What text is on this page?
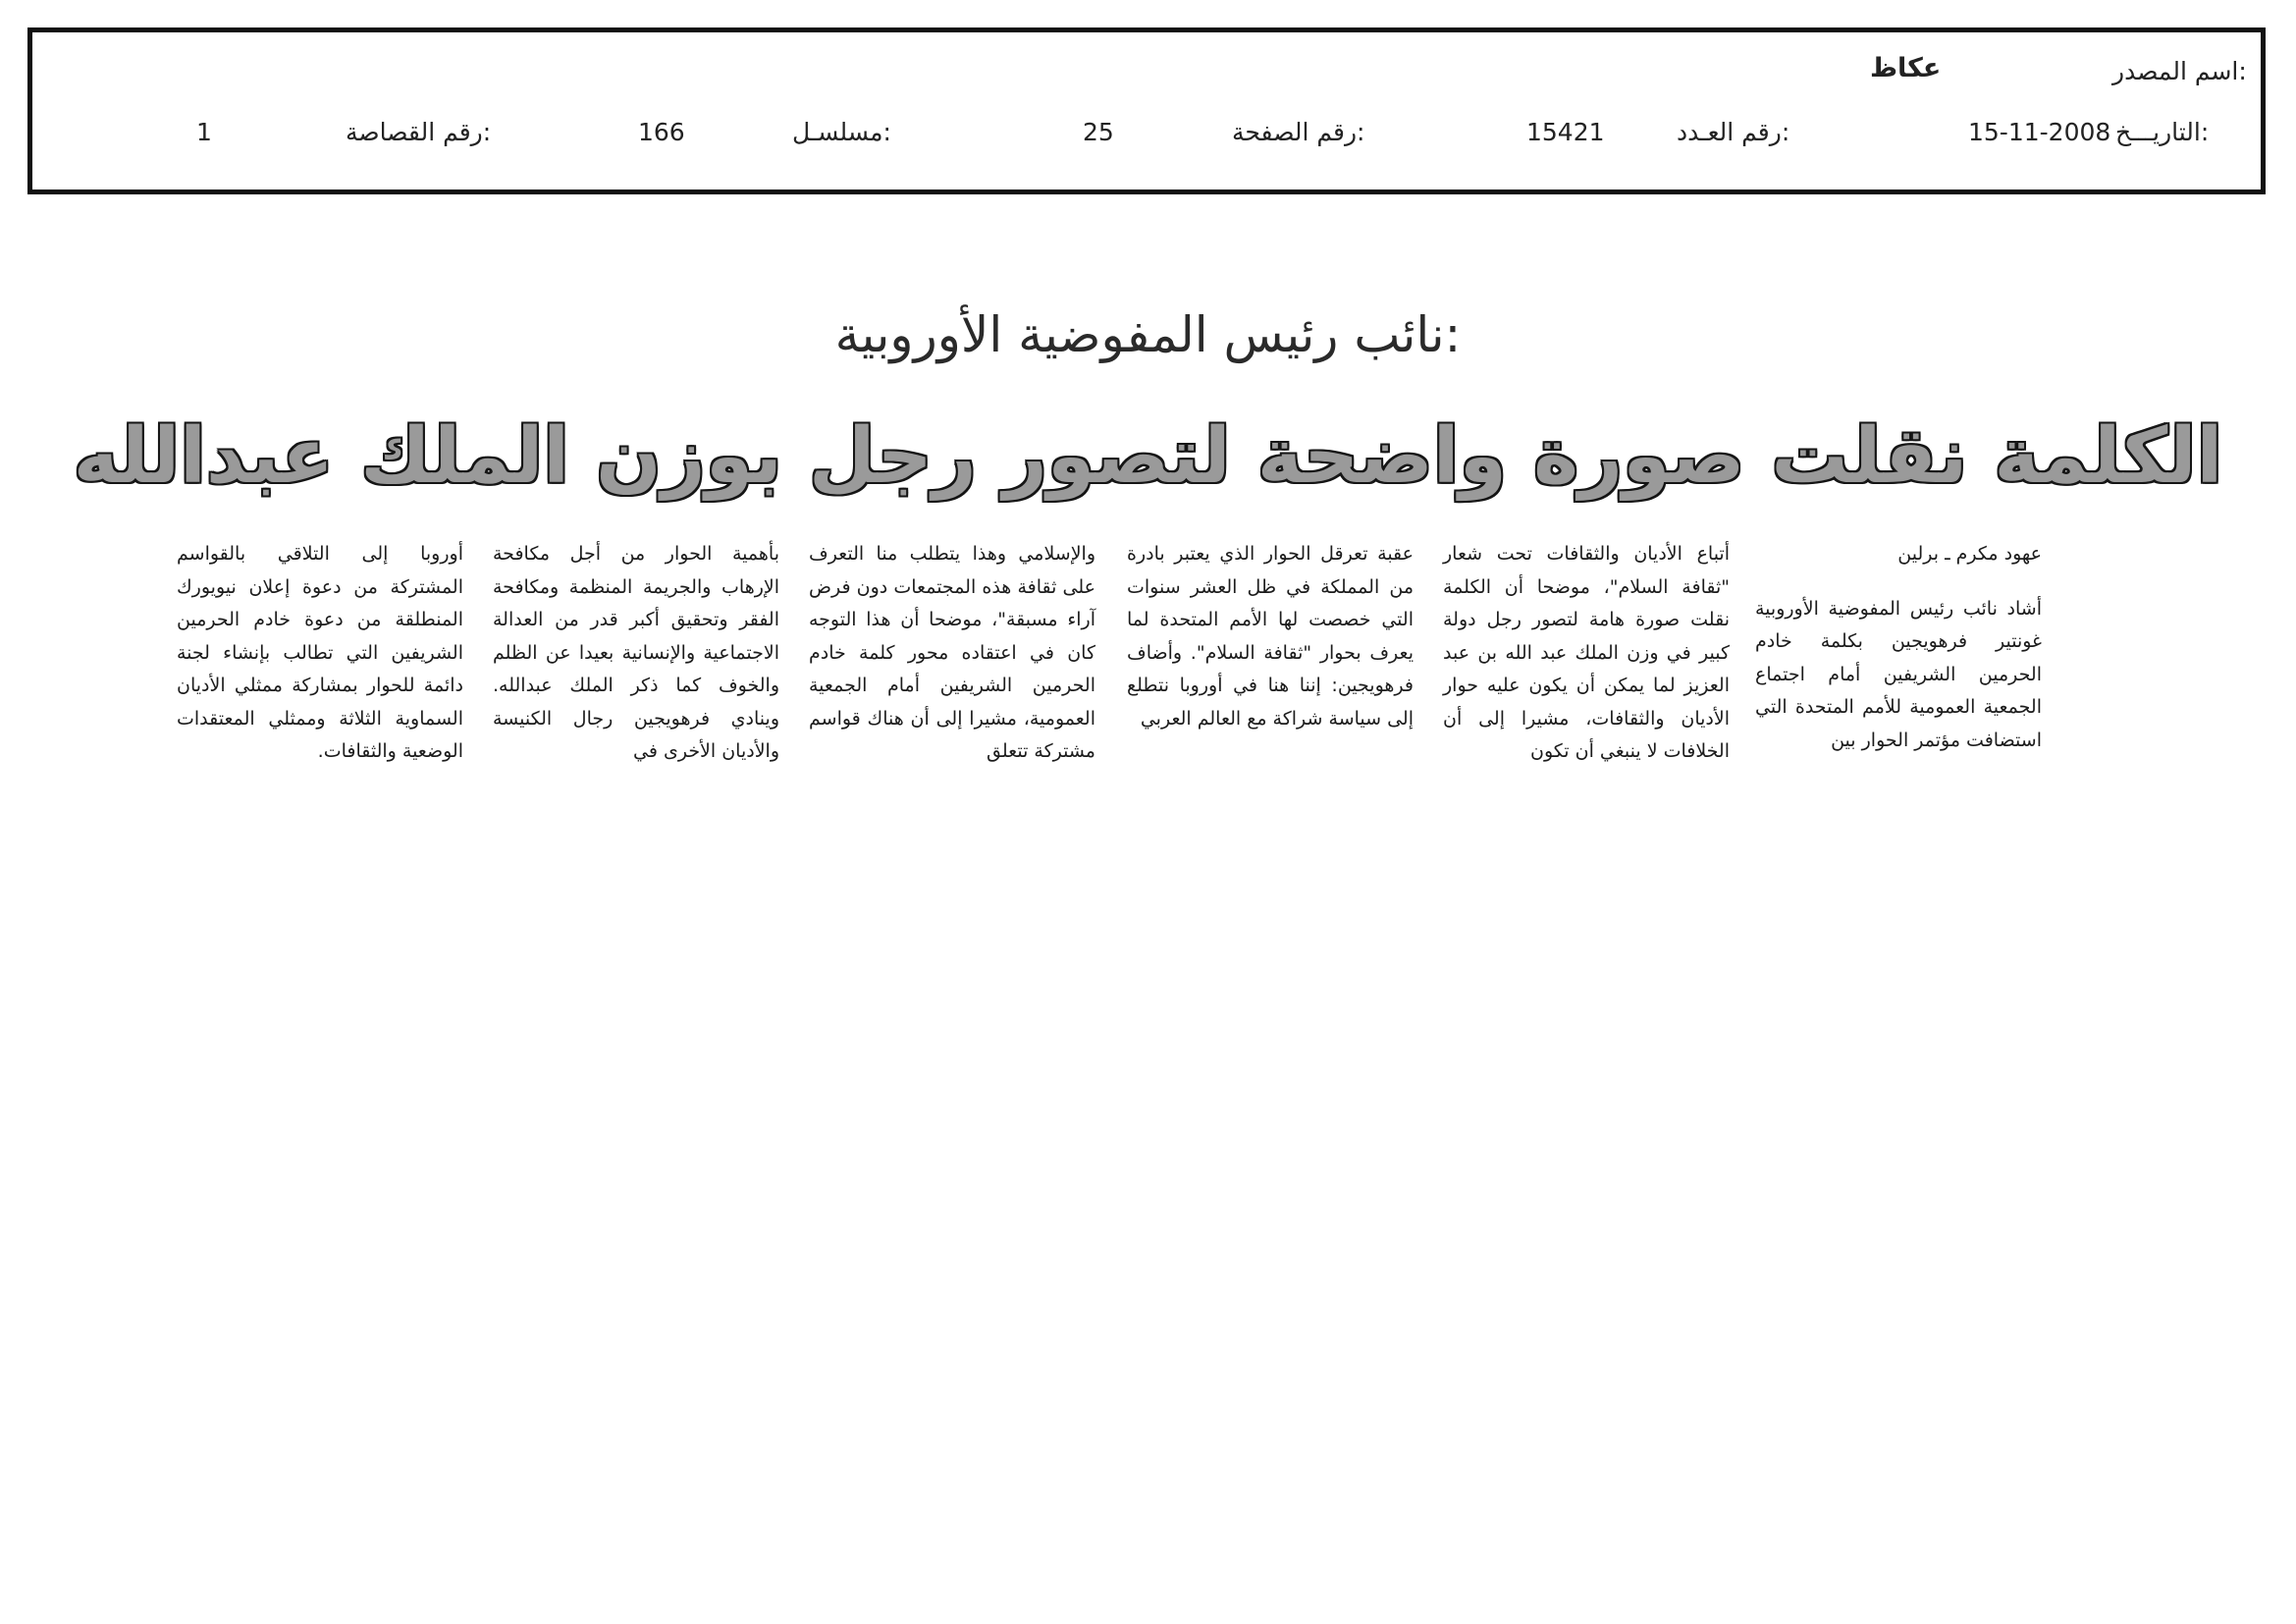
اسم المصدر:
عكاظ
التاريـــخ:
15-11-2008
رقم العـدد:
15421
رقم الصفحة:
25
مسلسـل:
166
رقم القصاصة:
1
نائب رئيس المفوضية الأوروبية:
الكلمة نقلت صورة واضحة لتصور رجل بوزن الملك عبدالله

عهود مكرم ـ برلين

أشاد نائب رئيس المفوضية الأوروبية غونتير فرهويجين بكلمة خادم الحرمين الشريفين أمام اجتماع الجمعية العمومية للأمم المتحدة التي استضافت مؤتمر الحوار بين

أتباع الأديان والثقافات تحت شعار "ثقافة السلام"، موضحا أن الكلمة نقلت صورة هامة لتصور رجل دولة كبير في وزن الملك عبد الله بن عبد العزيز لما يمكن أن يكون عليه حوار الأديان والثقافات، مشيرا إلى أن الخلافات لا ينبغي أن تكون

عقبة تعرقل الحوار الذي يعتبر بادرة من المملكة في ظل العشر سنوات التي خصصت لها الأمم المتحدة لما يعرف بحوار "ثقافة السلام". وأضاف فرهويجين: إننا هنا في أوروبا نتطلع إلى سياسة شراكة مع العالم العربي

والإسلامي وهذا يتطلب منا التعرف على ثقافة هذه المجتمعات دون فرض آراء مسبقة"، موضحا أن هذا التوجه كان في اعتقاده محور كلمة خادم الحرمين الشريفين أمام الجمعية العمومية، مشيرا إلى أن هناك قواسم مشتركة تتعلق

بأهمية الحوار من أجل مكافحة الإرهاب والجريمة المنظمة ومكافحة الفقر وتحقيق أكبر قدر من العدالة الاجتماعية والإنسانية بعيدا عن الظلم والخوف كما ذكر الملك عبدالله. وينادي فرهويجين رجال الكنيسة والأديان الأخرى في

أوروبا إلى التلاقي بالقواسم المشتركة من دعوة إعلان نيويورك المنطلقة من دعوة خادم الحرمين الشريفين التي تطالب بإنشاء لجنة دائمة للحوار بمشاركة ممثلي الأديان السماوية الثلاثة وممثلي المعتقدات الوضعية والثقافات.
